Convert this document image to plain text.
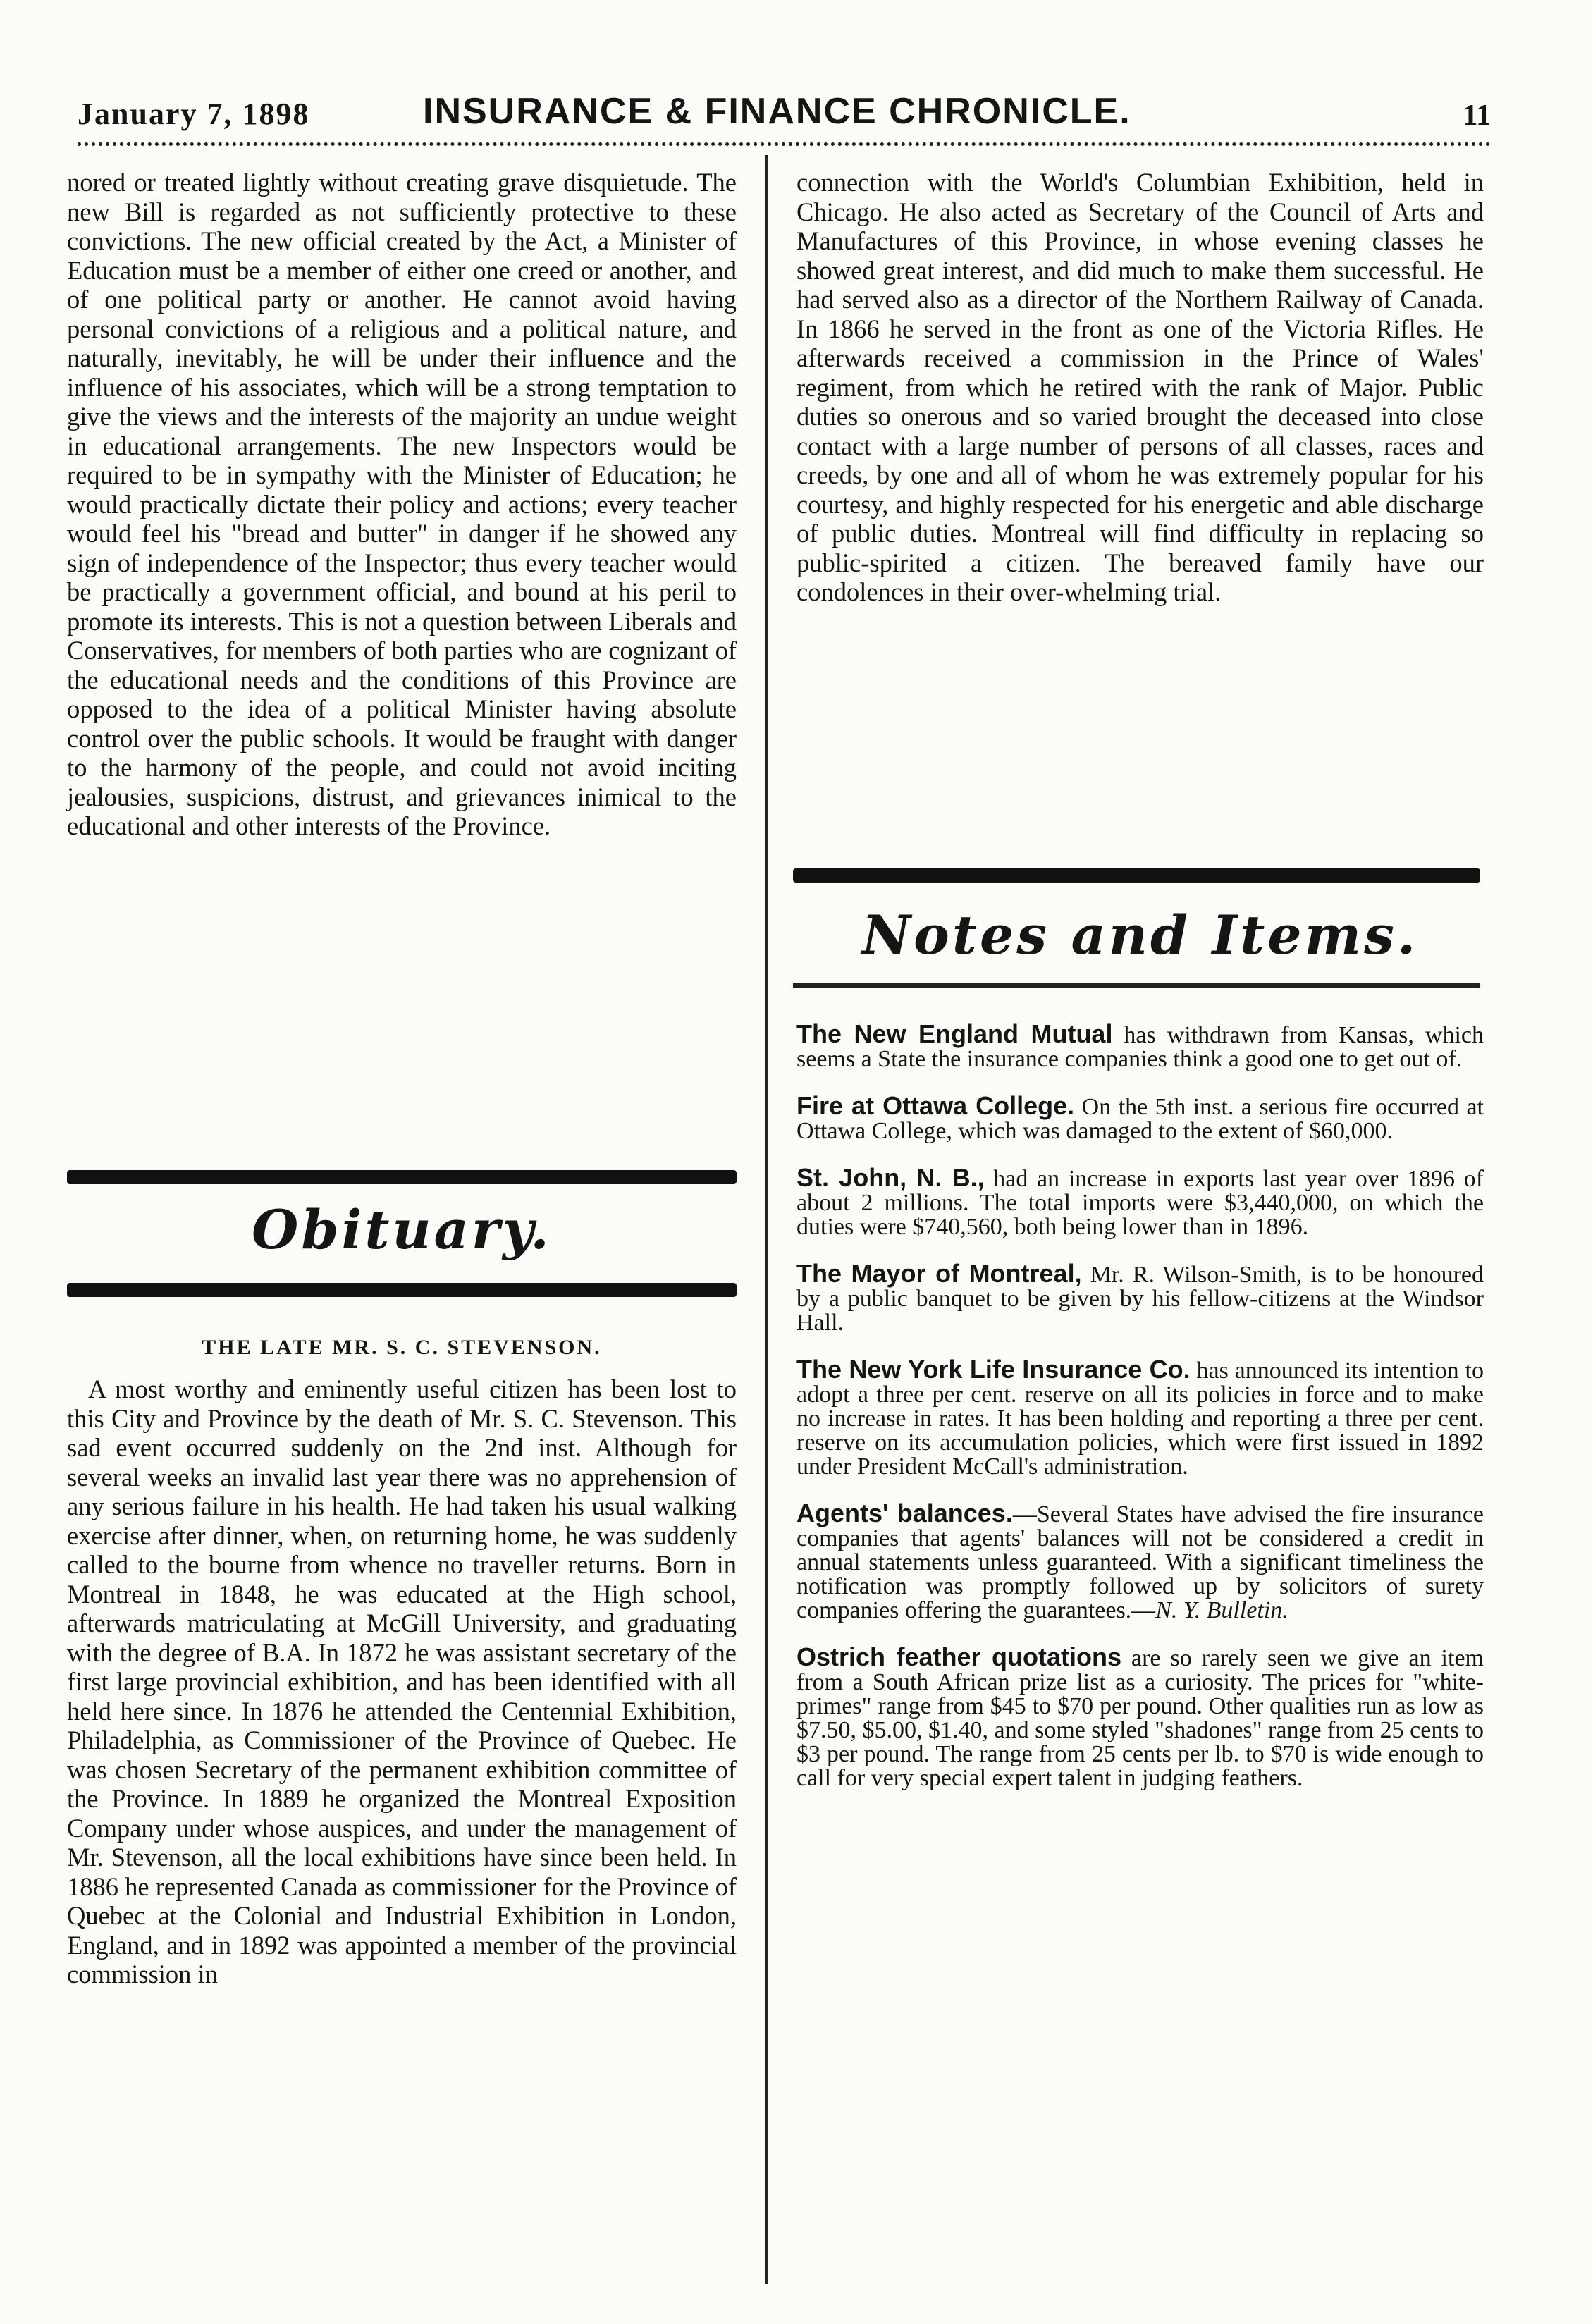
January 7, 1898	INSURANCE & FINANCE CHRONICLE.	11

nored or treated lightly without creating grave disquietude. The new Bill is regarded as not sufficiently protective to these convictions. The new official created by the Act, a Minister of Education must be a member of either one creed or another, and of one political party or another. He cannot avoid having personal convictions of a religious and a political nature, and naturally, inevitably, he will be under their influence and the influence of his associates, which will be a strong temptation to give the views and the interests of the majority an undue weight in educational arrangements. The new Inspectors would be required to be in sympathy with the Minister of Education; he would practically dictate their policy and actions; every teacher would feel his "bread and butter" in danger if he showed any sign of independence of the Inspector; thus every teacher would be practically a government official, and bound at his peril to promote its interests. This is not a question between Liberals and Conservatives, for members of both parties who are cognizant of the educational needs and the conditions of this Province are opposed to the idea of a political Minister having absolute control over the public schools. It would be fraught with danger to the harmony of the people, and could not avoid inciting jealousies, suspicions, distrust, and grievances inimical to the educational and other interests of the Province.

Obituary.
THE LATE MR. S. C. STEVENSON.

A most worthy and eminently useful citizen has been lost to this City and Province by the death of Mr. S. C. Stevenson. This sad event occurred suddenly on the 2nd inst. Although for several weeks an invalid last year there was no apprehension of any serious failure in his health. He had taken his usual walking exercise after dinner, when, on returning home, he was suddenly called to the bourne from whence no traveller returns. Born in Montreal in 1848, he was educated at the High school, afterwards matriculating at McGill University, and graduating with the degree of B.A. In 1872 he was assistant secretary of the first large provincial exhibition, and has been identified with all held here since. In 1876 he attended the Centennial Exhibition, Philadelphia, as Commissioner of the Province of Quebec. He was chosen Secretary of the permanent exhibition committee of the Province. In 1889 he organized the Montreal Exposition Company under whose auspices, and under the management of Mr. Stevenson, all the local exhibitions have since been held. In 1886 he represented Canada as commissioner for the Province of Quebec at the Colonial and Industrial Exhibition in London, England, and in 1892 was appointed a member of the provincial commission in

connection with the World's Columbian Exhibition, held in Chicago. He also acted as Secretary of the Council of Arts and Manufactures of this Province, in whose evening classes he showed great interest, and did much to make them successful. He had served also as a director of the Northern Railway of Canada. In 1866 he served in the front as one of the Victoria Rifles. He afterwards received a commission in the Prince of Wales' regiment, from which he retired with the rank of Major. Public duties so onerous and so varied brought the deceased into close contact with a large number of persons of all classes, races and creeds, by one and all of whom he was extremely popular for his courtesy, and highly respected for his energetic and able discharge of public duties. Montreal will find difficulty in replacing so public-spirited a citizen. The bereaved family have our condolences in their over-whelming trial.

Notes and Items.
The New England Mutual has withdrawn from Kansas, which seems a State the insurance companies think a good one to get out of.
Fire at Ottawa College. On the 5th inst. a serious fire occurred at Ottawa College, which was damaged to the extent of $60,000.
St. John, N. B., had an increase in exports last year over 1896 of about 2 millions. The total imports were $3,440,000, on which the duties were $740,560, both being lower than in 1896.
The Mayor of Montreal, Mr. R. Wilson-Smith, is to be honoured by a public banquet to be given by his fellow-citizens at the Windsor Hall.
The New York Life Insurance Co. has announced its intention to adopt a three per cent. reserve on all its policies in force and to make no increase in rates. It has been holding and reporting a three per cent. reserve on its accumulation policies, which were first issued in 1892 under President McCall's administration.
Agents' balances.—Several States have advised the fire insurance companies that agents' balances will not be considered a credit in annual statements unless guaranteed. With a significant timeliness the notification was promptly followed up by solicitors of surety companies offering the guarantees.—N. Y. Bulletin.
Ostrich feather quotations are so rarely seen we give an item from a South African prize list as a curiosity. The prices for "white-primes" range from $45 to $70 per pound. Other qualities run as low as $7.50, $5.00, $1.40, and some styled "shadones" range from 25 cents to $3 per pound. The range from 25 cents per lb. to $70 is wide enough to call for very special expert talent in judging feathers.
